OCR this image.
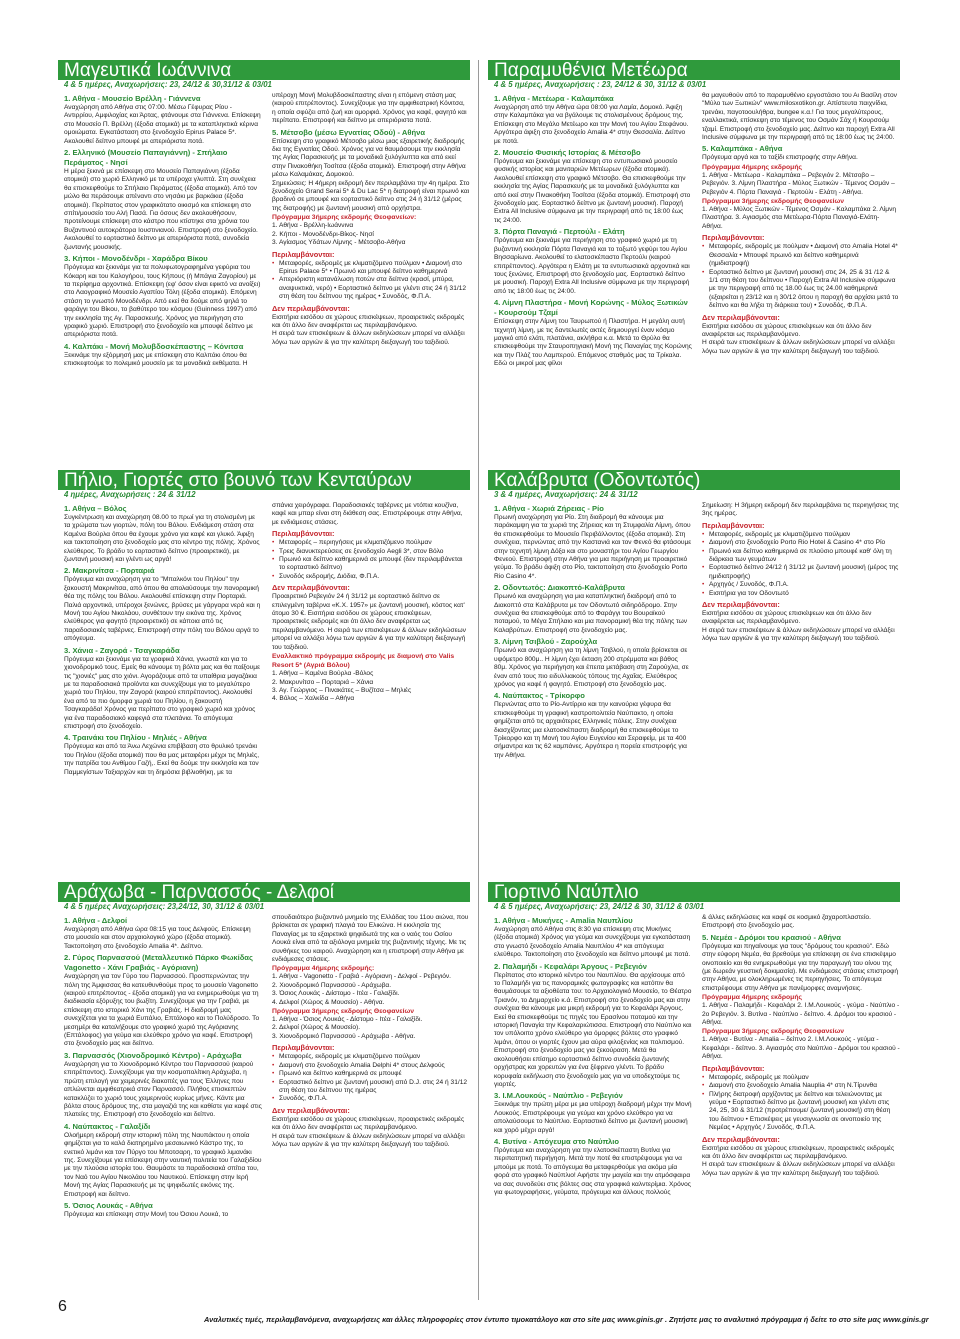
Μαγευτικά Ιωάννινα
4 & 5 ημέρες, Αναχωρήσεις: 23, 24/12 & 30,31/12 & 03/01
1. Αθήνα - Μουσείο Βρέλλη - Γιάννενα
Αναχώρηση από Αθήνα στις 07:00. Μέσω Γέφυρας Ρίου - Αντιρρίου, Αμφιλοχίας και Άρτας, φτάνουμε στα Γιάννενα. Επίσκεψη στο Μουσείο Π. Βρέλλη (έξοδα ατομικά) με τα καταπληκτικά κέρινα ομοιώματα. Εγκατάσταση στο ξενοδοχείο Epirus Palace 5*. Ακολουθεί δείπνο μπουφέ με απεριόριστα ποτά.
2. Ελληνικό (Μουσείο Παπαγιάννη) - Σπήλαιο Περάματος - Νησί
Η μέρα ξεκινά με επίσκεψη στο Μουσείο Παπαγιάννη (έξοδα ατομικά) στο χωριό Ελληνικό με τα υπέροχα γλυπτά. Στη συνέχεια θα επισκεφθούμε το Σπήλαιο Περάματος (έξοδα ατομικά). Από τον μώλο θα περάσουμε απέναντι στο νησάκι με βαρκάκια (έξοδα ατομικά). Περίπατος στον γραφικότατο οικισμό και επίσκεψη στο σπίτι/μουσείο του Αλή Πασά. Για όσους δεν ακολουθήσουν, προτείνουμε επίσκεψη στο κάστρο που κτίστηκε στα χρόνια του Βυζαντινού αυτοκράτορα Ιουστινιανού. Επιστροφή στο ξενοδοχείο. Ακολουθεί το εορταστικό δείπνο με απεριόριστα ποτά, συνοδεία ζωντανής μουσικής.
3. Κήποι - Μονοδένδρι - Χαράδρα Βίκου
Πρόγευμα και ξεκινάμε για τα πολυφωτογραφημένα γεφύρια του Κόκαρη και του Καλογήρου, τους Κήπους (ή Μπάγια Ζαγορίου) με τα περίφημα αρχοντικά. Επίσκεψη (εφ' όσον είναι εφικτό να ανοίξει) στο Λαογραφικό Μουσείο Αγαπίου Τόλη (έξοδα ατομικά). Επόμενη στάση το γνωστό Μονοδένδρι. Από εκεί θα δούμε από ψηλά το φαράγγι του Βίκου, το βαθύτερο του κόσμου (Guinness 1997) από την εκκλησία της Αγ. Παρασκευής. Χρόνος για περιήγηση στο γραφικό χωριό. Επιστροφή στο ξενοδοχείο και μπουφέ δείπνο με απεριόριστα ποτά.
4. Καλπάκι - Μονή Μολυβδοσκέπαστης – Κόνιτσα
Ξεκινάμε την εξόρμησή μας με επίσκεψη στο Καλπάκι όπου θα επισκεφτούμε το πολεμικό μουσείο με τα μοναδικά εκθέματα. Η
υπέροχη Μονή Μολυβδοσκέπαστης είναι η επόμενη στάση μας (καιρού επιτρέποντος). Συνεχίζουμε για την αμφιθεατρική Κόνιτσα, η οποία σφύζει από ζωή και ομορφιά. Χρόνος για καφέ, φαγητό και περίπατο. Επιστροφή και δείπνο με απεριόριστα ποτά.
5. Μέτσοβο (μέσω Εγνατίας Οδού) - Αθήνα
Επίσκεψη στο γραφικό Μέτσοβο μέσω μιας εξαιρετικής διαδρομής δια της Εγνατίας Οδού. Χρόνος για να θαυμάσουμε την εκκλησία της Αγίας Παρασκευής με τα μοναδικά ξυλόγλυπτα και από εκεί στην Πινακοθήκη Τοσίτσα (έξοδα ατομικά). Επιστροφή στην Αθήνα μέσω Καλαμάκας, Δομοκού.
Σημειώσεις: Η 4ήμερη εκδρομή δεν περιλαμβάνει την 4η ημέρα. Στο ξενοδοχείο Grand Serai 5* & Du Lac 5* η διατροφή είναι πρωινό και βραδινό σε μπουφέ και εορταστικό δείπνο στις 24 ή 31/12 (μέρος της διατροφής) με ζωντανή μουσική από ορχήστρα.
Πρόγραμμα 3ήμερης εκδρομής Θεοφανείων:
1. Αθήνα - Βρέλλη-Ιωάννινα
2. Κήποι - Μονοδένδρι-Βίκος- Νησί
3. Αγίασμος Υδάτων Λίμνης - Μέτσοβο-Αθήνα
Περιλαμβάνονται:
• Μεταφορές, εκδρομές με κλιματιζόμενο πούλμαν • Διαμονή στο Epirus Palace 5* • Πρωινό και μπουφέ δείπνο καθημερινά
• Απεριόριστη κατανάλωση ποτών στα δείπνα (κρασί, μπύρα, αναψυκτικά, νερό) • Εορταστικό δείπνο με γλέντι στις 24 ή 31/12 στη θέση του δείπνου της ημέρας • Συνοδός, Φ.Π.Α.
Δεν περιλαμβάνονται:
Εισιτήρια εισόδου σε χώρους επισκέψεων, προαιρετικές εκδρομές και ότι άλλο δεν αναφέρεται ως περιλαμβανόμενο.
Η σειρά των επισκέψεων & άλλων εκδηλώσεων μπορεί να αλλάξει λόγω των αργιών & για την καλύτερη διεξαγωγή του ταξιδιού.
Παραμυθένια Μετέωρα
4 & 5 ημέρες, Αναχωρήσεις : 23, 24/12 & 30, 31/12 & 03/01
1. Αθήνα - Μετέωρα - Καλαμπάκα
Αναχώρηση από την Αθήνα ώρα 08:00 για Λαμία, Δομοκό. Άφιξη στην Καλαμπάκα για να βγάλουμε τις στολισμένους δρόμους της. Επίσκεψη στο Μεγάλο Μετέωρο και την Μονή του Αγίου Στεφάνου. Αργότερα άφιξη στο ξενοδοχείο Amalia 4* στην Θεσσαλία. Δείπνο με ποτά.
2. Μουσείο Φυσικής Ιστορίας & Μέτσοβο
Πρόγευμα και ξεκινάμε για επίσκεψη στο εντυπωσιακό μουσείο φυσικής ιστορίας και μανιταριών Μετέωρων (έξοδα ατομικά). Ακολουθεί επίσκεψη στο γραφικό Μέτσοβο. Θα επισκεφθούμε την εκκλησία της Αγίας Παρασκευής με τα μοναδικά ξυλόγλυπτα και από εκεί στην Πινακοθήκη Τοσίτσα (έξοδα ατομικά). Επιστροφή στο ξενοδοχείο μας. Εορταστικό δείπνο με ζωντανή μουσική. Παροχή Extra All Inclusive σύμφωνα με την περιγραφή από τις 18:00 έως τις 24:00.
3. Πόρτα Παναγιά - Περτούλι - Ελάτη
Πρόγευμα και ξεκινάμε για περιήγηση στο γραφικό χωριό με τη βυζαντινή εκκλησία Πόρτα Παναγιά και το τοξωτό γεφύρι του Αγίου Βησσαρίωνα. Ακολουθεί το ελατοσκέπαστο Περτούλι (καιρού επιτρέποντος). Αργότερα η Ελάτη με τα εντυπωσιακά αρχοντικά και τους ξενώνες. Επιστροφή στο ξενοδοχείο μας. Εορταστικό δείπνο με μουσική. Παροχή Extra All Inclusive σύμφωνα με την περιγραφή από τις 18:00 έως τις 24:00.
4. Λίμνη Πλαστήρα - Μονή Κορώνης - Μύλος Ξωτικών - Κουρσούμ Τζαμί
Επίσκεψη στην Λίμνη του Ταυρωπού ή Πλαστήρα. Η μεγάλη αυτή τεχνητή λίμνη, με τις δαντελωτές ακτές δημιουργεί έναν κόσμο μαγικό από ελάτι, πλατάνια, ακλήθρα κ.α. Μετά το Θρύλο θα επισκεφθούμε την Σταυροπηγιακή Μονή της Παναγίας της Κορώνης και την Πλάζ του Λαμπερού. Επόμενος σταθμός μας τα Τρίκαλα. Εδώ οι μικροί μας φίλοι
θα μαγευθούν από το παραμυθένιο εργοστάσιο του Αι Βασίλη στον "Μύλο των Ξωτικών" www.milosxotikon.gr. Απίστευτα παιχνίδια, τρενάκι, παγοτοουλήθρα, bungee κ.α.! Για τους μεγαλύτερους, εναλλακτικά, επίσκεψη στο τέμενος του Οσμάν Σάχ ή Κουρσούμ τζαμί. Επιστροφή στο ξενοδοχείο μας. Δείπνο και παροχή Extra All Inclusive σύμφωνα με την περιγραφή από τις 18:00 έως τις 24:00.
5. Καλαμπάκα - Αθήνα
Πρόγευμα αργά και το ταξίδι επιστροφής στην Αθήνα.
Πρόγραμμα 4ήμερης εκδρομής
1. Αθήνα - Μετέωρα - Καλαμπάκα – Ρεβεγιόν 2. Μέτσοβο – Ρεβεγιόν. 3. Λίμνη Πλαστήρα - Μύλος Ξωτικών - Τέμενος Οσμάν – Ρεβεγιόν 4. Πόρτα Παναγιά - Περτούλι - Ελάτη - Αθήνα.
Πρόγραμμα 3ήμερης εκδρομής Θεοφανείων
1. Αθήνα - Μύλος Ξωτικών - Τέμενος Οσμάν - Καλαμπάκα 2. Λίμνη Πλαστήρα. 3. Αγιασμός στα Μετέωρα-Πόρτα Παναγιά-Ελάτη-Αθήνα.
Περιλαμβάνονται:
• Μεταφορές, εκδρομές με πούλμαν • Διαμονή στο Amalia Hotel 4* Θεσσαλία • Μπουφέ πρωινό και δείπνο καθημερινά (ημιδιατροφή)
• Εορταστικό δείπνο με ζωντανή μουσική στις 24, 25 & 31 /12 & 1/1 στη θέση του δείπνου • Παροχή Extra All Inclusive σύμφωνα με την περιγραφή από τις 18.00 έως τις 24.00 καθημερινά (εξαιρείται η 23/12 και η 30/12 όπου η παροχή θα αρχίσει μετά το δείπνο και θα λήξει τη διάρκεια του) • Συνοδός, Φ.Π.Α.
Δεν περιλαμβάνονται:
Εισιτήρια εισόδου σε χώρους επισκέψεων και ότι άλλο δεν αναφέρεται ως περιλαμβανόμενο.
Η σειρά των επισκέψεων & άλλων εκδηλώσεων μπορεί να αλλάξει λόγω των αργιών & για την καλύτερη διεξαγωγή του ταξιδιού.
Πήλιο, Γιορτές στο βουνό των Κενταύρων
4 ημέρες, Αναχωρήσεις : 24 & 31/12
1. Αθήνα – Βόλος
Συγκέντρωση και αναχώρηση 08.00 το πρωί για τη στολισμένη με τα χρώματα των γιορτών, πόλη του Βόλου. Ενδιάμεση στάση στα Καμένα Βούρλα όπου θα έχουμε χρόνο για καφέ και γλυκό. Άφιξη και τακτοποίηση στο ξενοδοχείο μας στο κέντρο της πόλης. Χρόνος ελεύθερος. Το βράδυ το εορταστικό δείπνο (προαιρετικά), με ζωντανή μουσική και γλέντι ως αργά!
2. Μακρινίτσα - Πορταριά
Πρόγευμα και αναχώρηση για το "Μπαλκόνι του Πηλίου" την ξακουστή Μακρινίτσα, από όπου θα απολαύσουμε την πανοραμική θέα της πόλης του Βόλου. Ακολουθεί επίσκεψη στην Πορταριά. Παλιά αρχοντικά, υπέροχοι ξενώνες, βρύσες με γάργαρα νερά και η Μονή του Αγίου Νικολάου, συνθέτουν την εικόνα της. Χρόνος ελεύθερος για φαγητό (προαιρετικό) σε κάποια από τις παραδοσιακές ταβέρνες. Επιστροφή στην πόλη του Βόλου αργά το απόγευμα.
3. Χάνια - Ζαγορά - Τσαγκαράδα
Πρόγευμα και ξεκινάμε για τα γραφικά Χάνια, γνωστά και για το χιονοδρομικό τους. Εμείς θα κάνουμε τη βόλτα μας και θα παίξουμε τις "χιονιές" μας στο χιόνι. Αγοράζουμε από τα υπαίθρια μαγαζάκια με τα παραδοσιακά προϊόντα και συνεχίζουμε για το μεγαλύτερο χωριό του Πηλίου, την Ζαγορά (καιρού επιτρέποντος). Ακολουθεί ένα από τα πιο όμορφα χωριά του Πηλίου, η ξακουστή Τσαγκαράδα! Χρόνος για περίπατο στο γραφικό χωριό και χρόνος για ένα παραδοσιακό καφεγιά στα πλατάνια. Το απόγευμα επιστροφή στο ξενοδοχείο.
4. Τραινάκι του Πηλίου - Μηλιές - Αθήνα
Πρόγευμα και από τα Άνω Λεχώνια επιβίβαση στο θρυλικό τρενάκι του Πηλίου (έξοδα ατομικά) που θα μας μεταφέρει μέχρι τις Μηλιές, την πατρίδα του Ανθίμου Γαζή,. Εκεί θα δούμε την εκκλησία και τον Παμμεγίστων Ταξιαρχών και τη δημόσια βιβλιοθήκη, με τα
σπάνια χειρόγραφα. Παραδοσιακές ταβέρνες με ντόπια κουζίνα, καφέ και μπαρ είναι στη διάθεση σας. Επιστρέφουμε στην Αθήνα, με ενδιάμεσες στάσεις.
Περιλαμβάνονται:
• Μεταφορές – περιηγήσεις με κλιματιζόμενο πούλμαν
• Τρεις διανυκτερεύσεις σε ξενοδοχείο Aegli 3*, στον Βόλο
• Πρωινό και δείπνο καθημερινά σε μπουφέ (δεν περιλαμβάνεται το εορταστικό δείπνο)
• Συνοδός εκδρομής, Διόδια, Φ.Π.Α.
Δεν περιλαμβάνονται:
Προαιρετικό Ρεβεγιόν 24 ή 31/12 με εορταστικό δείπνο σε επιλεγμένη ταβέρνα «Κ.Χ. 1957» με ζωντανή μουσική, κόστος κατ' άτομο 30 €. Εισιτήρια εισόδου σε χώρους επισκέψεων, προαιρετικές εκδρομές και ότι άλλο δεν αναφέρεται ως περιλαμβανόμενο. Η σειρά των επισκέψεων & άλλων εκδηλώσεων μπορεί να αλλάξει λόγω των αργιών & για την καλύτερη διεξαγωγή του ταξιδιού.
Εναλλακτικό πρόγραμμα εκδρομής με διαμονή στο Valis Resort 5* (Αγριά Βόλου)
1. Αθήνα – Καμένα Βούρλα -Βόλος
2. Μακρυνίτσο – Πορταριά – Χάνια
3. Αγ. Γεώργιος – Πινακάτες – Βυζίτσα – Μηλιές
4. Βόλος – Χαλκίδα – Αθήνα
Καλάβρυτα (Οδοντωτός)
3 & 4 ημέρες, Αναχωρήσεις: 24 & 31/12
1. Αθήνα - Χωριά Ζήρειας - Ρίο
Πρωινή αναχώρηση για Ρίο. Στη διαδρομή θα κάνουμε μια παράκαμψη για τα χωριά της Ζήρειας και τη Στυμφαλία Λίμνη, όπου θα επισκεφθούμε το Μουσείο Περιβάλλοντος (έξοδα ατομικά). Στη συνέχεια, περνώντας από την Καστανιά και τον Φενεό θα φτάσουμε στην τεχνητή λίμνη Δόξα και στο μοναστήρι του Αγίου Γεωργίου Φενεού. Επιστροφή στην Αθήνα για μια περιήγηση με προαιρετικό γεύμα. Το βράδυ άφιξη στο Ρίο, τακτοποίηση στο ξενοδοχείο Porto Rio Casino 4*.
2. Οδοντωτός: Διακοπτό-Καλάβρυτα
Πρωινό και αναχώρηση για μια καταπληκτική διαδρομή από το Διακοπτό στα Καλάβρυτα με τον Οδοντωτό σιδηρόδρομο. Στην συνέχεια θα επισκεφθούμε από το Φαράγγι του Βουραϊκού ποταμού, το Μέγα Σπήλαιο και μια πανοραμική θέα της πόλης των Καλαβρύτων. Επιστροφή στο ξενοδοχείο μας.
3. Λίμνη Τσιβλού - Ζαρούχλα
Πρωινό και αναχώρηση για τη λίμνη Τσιβλού, η οποία βρίσκεται σε υψόμετρο 800μ.. Η λίμνη έχει έκταση 200 στρέμματα και βάθος 80μ. Χρόνος για περιήγηση και έπειτα μετάβαση στη Ζαρούχλα, σε έναν από τους πιο ειδυλλιακούς τόπους της Αχαΐας. Ελεύθερος χρόνος για καφέ ή φαγητό. Επιστροφή στο ξενοδοχείο μας.
4. Ναύπακτος - Τρίκορφο
Περνώντας απο το Ρίο-Αντίρριο και την καινούρια γέφυρα θα επισκεφθούμε τη γραφική καστροπολιτεία Ναύπακτο, η οποία φημίζεται από τις αρχαιότερες Ελληνικές πόλεις. Στην συνέχεια διασχίζοντας μια ελατοσκέπαστη διαδρομή θα επισκεφθούμε το Τρίκορφο και τη Μονή του Αγίου Ευγενίου και Σεραφείμ, με τα 400 σήμαντρα και τις 62 καμπάνες. Αργότερα η πορεία επιστροφής για την Αθήνα.
Σημείωση: Η 3ήμερη εκδρομή δεν περιλαμβάνει τις περιηγήσεις της 3ης ημέρας.
Περιλαμβάνονται:
• Μεταφορές, εκδρομές με κλιματιζόμενο πούλμαν
• Διαμονή στο ξενοδοχείο Porto Rio Hotel & Casino 4* στο Ρίο
• Πρωινό και δείπνο καθημερινά σε πλούσιο μπουφέ καθ' όλη τη διάρκεια των γευμάτων
• Εορταστικό δείπνο 24/12 ή 31/12 με ζωντανή μουσική (μέρος της ημιδιατροφής)
• Αρχηγός / Συνοδός, Φ.Π.Α.
• Εισιτήρια για τον Οδοντωτό
Δεν περιλαμβάνονται:
Εισιτήρια εισόδου σε χώρους επισκέψεων και ότι άλλο δεν αναφέρεται ως περιλαμβανόμενο.
Η σειρά των επισκέψεων & άλλων εκδηλώσεων μπορεί να αλλάξει λόγω των αργιών & για την καλύτερη διεξαγωγή του ταξιδιού.
Αράχωβα - Παρνασσός - Δελφοί
4 & 5 ημέρες Αναχωρήσεις: 23,24/12, 30, 31/12 & 03/01
1. Αθήνα - Δελφοί
Αναχώρηση από Αθήνα ώρα 08:15 για τους Δελφούς. Επίσκεψη στο μουσείο και στον αρχαιολογικό χώρο (έξοδα ατομικά). Τακτοποίηση στο ξενοδοχείο Amalia 4*. Δείπνο.
2. Γύρος Παρνασσού (Μεταλλευτικό Πάρκο Φωκίδας Vagonetto - Χάνι Γραβιάς - Αγόριανη)
Αναχώρηση για τον Γύρο του Παρνασσού. Προσπερνώντας την πόλη της Άμφισσας θα κατευθυνθούμε προς το μουσείο Vagonetto (καιρού επιτρέποντος - έξοδα ατομικά) για να ενημερωθούμε για τη διαδικασία εξόρυξης του βωξίτη. Συνεχίζουμε για την Γραβιά, με επίσκεψη στο ιστορικό Χάνι της Γραβιάς. Η διαδρομή μας συνεχίζεται για τα χωριά Ευπάλιο, Επτάλοφο και το Πολύδροσο. Το μεσημέρι θα καταλήξουμε στο γραφικό χωριό της Αγόριανης (Επτάλοφος) για γεύμα και ελεύθερο χρόνο για καφέ. Επιστροφή στο ξενοδοχείο μας και δείπνο.
3. Παρνασσός (Χιονοδρομικό Κέντρο) - Αράχωβα
Αναχώρηση για το Χιονοδρομικό Κέντρο του Παρνασσού (καιρού επιτρέποντος). Συνεχίζουμε για την κοσμοπολίτικη Αράχωβα, η πρώτη επιλογή για χειμερινές διακοπές για τους Έλληνες που απλώνεται αμφιθεατρικά στον Παρνασσό. Πλήθος επισκεπτών κατακλύζει το χωριό τους χειμερινούς κυρίως μήνες. Κάντε μια βόλτα στους δρόμους της, στα μαγαζιά της και καθίστε για καφέ στις πλατείες της. Επιστροφή στο ξενοδοχείο και δείπνο.
4. Ναύπακτος - Γαλαξίδι
Ολοήμερη εκδρομή στην ιστορική πόλη της Ναυπάκτου η οποία φημίζεται για το καλά διατηρημένο μεσαιωνικό Κάστρο της, το ενετικό λιμάνι και τον Πύργο του Μποτσαρη, το γραφικό λιμανάκι της. Συνεχίζουμε για επίσκεψη στην ναυτική πολιτεία του Γαλαξιδίου με την πλούσια ιστορία του. Θαυμάστε τα παραδοσιακά σπίτια του, τον Ναό του Αγίου Νικολάου του Ναυτικού. Επίσκεψη στην Ιερή Μονή της Αγίας Παρασκευής με τις ψηφιδωτές εικόνες της. Επιστροφή και δείπνο.
5. Όσιος Λουκάς - Αθήνα
Πρόγευμα και επίσκεψη στην Μονή του Όσιου Λουκά, το
σπουδαιότερο βυζαντινό μνημείο της Ελλάδας του 11ου αιώνα, που βρίσκεται σε γραφική πλαγιά του Ελικώνα. Η εκκλησία της Παναγίας με τα εξαιρετικά ψηφιδωτά της και ο ναός του Οσίου Λουκά είναι από τα αξιόλογα μνημεία της βυζαντινής τέχνης. Με τις συνθήκες του καιρού. Αναχώρηση και η επιστροφή στην Αθήνα με ενδιάμεσες στάσεις.
Πρόγραμμα 4ήμερης εκδρομής:
1. Αθήνα - Vagonetto - Γραβιά - Αγόριανη - Δελφοί - Ρεβεγιόν.
2. Χιονοδρομικό Παρνασσού - Αράχωβα.
3. Όσιος Λουκάς - Διίστομο - Ιτέα - Γαλαξίδι.
4. Δελφοί (Χώρος & Μουσείο) - Αθήνα.
Πρόγραμμα 3ήμερης εκδρομής Θεοφανείων
1. Αθήνα - Όσιος Λουκάς - Δίστομο - Ιτέα - Γαλαξίδι.
2. Δελφοί (Χώρος & Μουσείο).
3. Χιονοδρομικό Παρνασσού - Αράχωβα - Αθήνα.
Περιλαμβάνονται:
• Μεταφορές, εκδρομές με κλιματιζόμενο πούλμαν
• Διαμονή στο ξενοδοχείο Amalia Delphi 4* στους Δελφούς
• Πρωινό και δείπνο καθημερινά σε μπουφέ
• Εορταστικό δείπνο με ζωντανή μουσική από D.J. στις 24 ή 31/12 στη θέση του δείπνου της ημέρας
• Συνοδός, Φ.Π.Α.
Δεν περιλαμβάνονται:
Εισιτήρια εισόδου σε χώρους επισκέψεων, προαιρετικές εκδρομές και ότι άλλο δεν αναφέρεται ως περιλαμβανόμενο.
Η σειρά των επισκέψεων & άλλων εκδηλώσεων μπορεί να αλλάξει λόγω των αργιών & για την καλύτερη διεξαγωγή του ταξιδιού.
Γιορτινό Ναύπλιο
4 & 5 ημέρες, Αναχωρήσεις: 23, 24/12 & 30, 31/12 & 03/01
1. Αθήνα - Μυκήνες - Amalia Ναυπλίου
Αναχώρηση από Αθήνα στις 8:30 για επίσκεψη στις Μυκήνες (έξοδα ατομικά) Χρόνος για γεύμα και συνεχίζουμε για εγκατάσταση στο γνωστό ξενοδοχείο Amalia Ναυπλίου 4* και απόγευμα ελεύθερο. Τακτοποίηση στο ξενοδοχείο και δείπνο μπουφέ με ποτά.
2. Παλαμήδι - Κεφαλάρι Άργους - Ρεβεγιόν
Περίπατος στο ιστορικό κέντρο του Ναυπλίου. Θα αρχίσουμε από το Παλαμήδι για τις πανοραμικές φωτογραφίες και κατόπιν θα θαυμάσουμε τα αξιοθέατα του: το Αρχαιολογικό Μουσείο, το Θέατρο Τριανόν, το Δημαρχείο κ.ά. Επιστροφή στο ξενοδοχείο μας και στην συνέχεια θα κάνουμε μια μικρή εκδρομή για το Κεφαλάρι Άργους. Εκεί θα επισκεφθούμε τις πηγές του Ερασίνου ποταμού και την ιστορική Παναγία την Κεφαλαριώτισσα. Επιστροφή στο Ναύπλιο και τον υπόλοιπο χρόνο ελεύθερο για όμορφες βόλτες στο γραφικό λιμάνι, όπου οι γιορτές έχουν μια αύρα φιλοξενίας και πολιτισμού. Επιστροφή στο ξενοδοχείο μας για ξεκούραση. Μετά θα ακολουθήσει επίσημο εορταστικό δείπνο συνοδεία ζωντανής ορχήστρας και χορευτών για ένα ξέφρενο γλέντι. Το βράδυ κορυφαία εκδήλωση στο ξενοδοχείο μας για να υποδεχτούμε τις γιορτές.
3. Ι.Μ.Λουκούς - Ναύπλιο - Ρεβεγιόν
Ξεκινάμε την πρώτη μέρα με μια υπέροχη διαδρομή μέχρι την Μονή Λουκούς. Επιστρέφουμε για γεύμα και χρόνο ελεύθερο για να απολαύσουμε το Ναύπλιο. Εορταστικό δείπνο με ζωντανή μουσική και χορό μέχρι αργά!
4. Βυτίνα - Απόγευμα στο Ναύπλιο
Πρόγευμα και αναχώρηση για την ελατοσκέπαστη Βυτίνα για περιπατητική περιήγηση. Μετά την ποτέ θα επιστρέψουμε για να μπούμε με ποτά. Το απόγευμα θα μεταφερθούμε για ακόμα μία φορά στο γραφικό Ναύπλιο! Αφήστε την μαγεία και την ατμόσφαιρα να σας συνοδεύει στις βόλτες σας στα γραφικά καλντερίμια. Χρόνος για φωτογραφήσεις, γεύματα, πρόγευμα και άλλους πολλούς
& άλλες εκδηλώσεις και καφέ σε κοσμικό ζαχαροπλαστείο. Επιστροφή στο ξενοδοχείο μας.
5. Νεμέα - Δρόμοι του κρασιού - Αθήνα
Πρόγευμα και πηγαίνουμε για τους "δρόμους του κρασιού". Εδώ στην εύφορη Νεμέα, θα βρεθούμε για επίσκεψη σε ένα επισκέψιμο οινοποιείο και θα ενημερωθούμε για την παραγωγή του οίνου της (με δωρεάν γευστική δοκιμασία). Με ενδιάμεσες στάσεις επιστροφή στην Αθήνα, με ολοκληρωμένες τις περιηγήσεις. Το απόγευμα επιστρέφουμε στην Αθήνα με πανέμορφες αναμνήσεις.
Πρόγραμμα 4ήμερης εκδρομής
1. Αθήνα - Παλαμήδι - Κεφαλάρι 2. Ι.Μ.Λουκούς - γεύμα - Ναύπλιο - 2ο Ρεβεγιόν. 3. Βυτίνα - Ναύπλιο - δείπνο. 4. Δρόμοι του κρασιού - Αθήνα.
Πρόγραμμα 3ήμερης εκδρομής Θεοφανείων
1. Αθήνα - Βυτίνα - Amalia – δείπνο 2. Ι.Μ.Λουκούς - γεύμα - Κεφαλάρι - δείπνο. 3. Αγιασμός στο Ναύπλιο - Δρόμοι του κρασιού - Αθήνα.
Περιλαμβάνονται:
• Μεταφορές, εκδρομές με πούλμαν
• Διαμονή στο ξενοδοχείο Amalia Nauplia 4* στη Ν.Τίρυνθα
• Πλήρης διατροφή αρχίζοντας με δείπνο και τελειώνοντας με γεύμα • Εορταστικό δείπνο με ζωντανή μουσική και γλέντι στις 24, 25, 30 & 31/12 (προτρέπουμε/ ζωντανή μουσική) στη θέση του δείπνου • Επισκέψεις με γευσιγνωσία σε οινοποιείο της Νεμέας • Αρχηγός / Συνοδός, Φ.Π.Α.
Δεν περιλαμβάνονται:
Εισιτήρια εισόδου σε χώρους επισκέψεων, προαιρετικές εκδρομές και ότι άλλο δεν αναφέρεται ως περιλαμβανόμενο.
Η σειρά των επισκέψεων & άλλων εκδηλώσεων μπορεί να αλλάξει λόγω των αργιών & για την καλύτερη διεξαγωγή του ταξιδιού.
6
Αναλυτικές τιμές, περιλαμβανόμενα, αναχωρήσεις και άλλες πληροφορίες στον έντυπο τιμοκατάλογο και στο site μας www.ginis.gr . Ζητήστε μας το αναλυτικό πρόγραμμα ή δείτε το στο site μας www.ginis.gr
